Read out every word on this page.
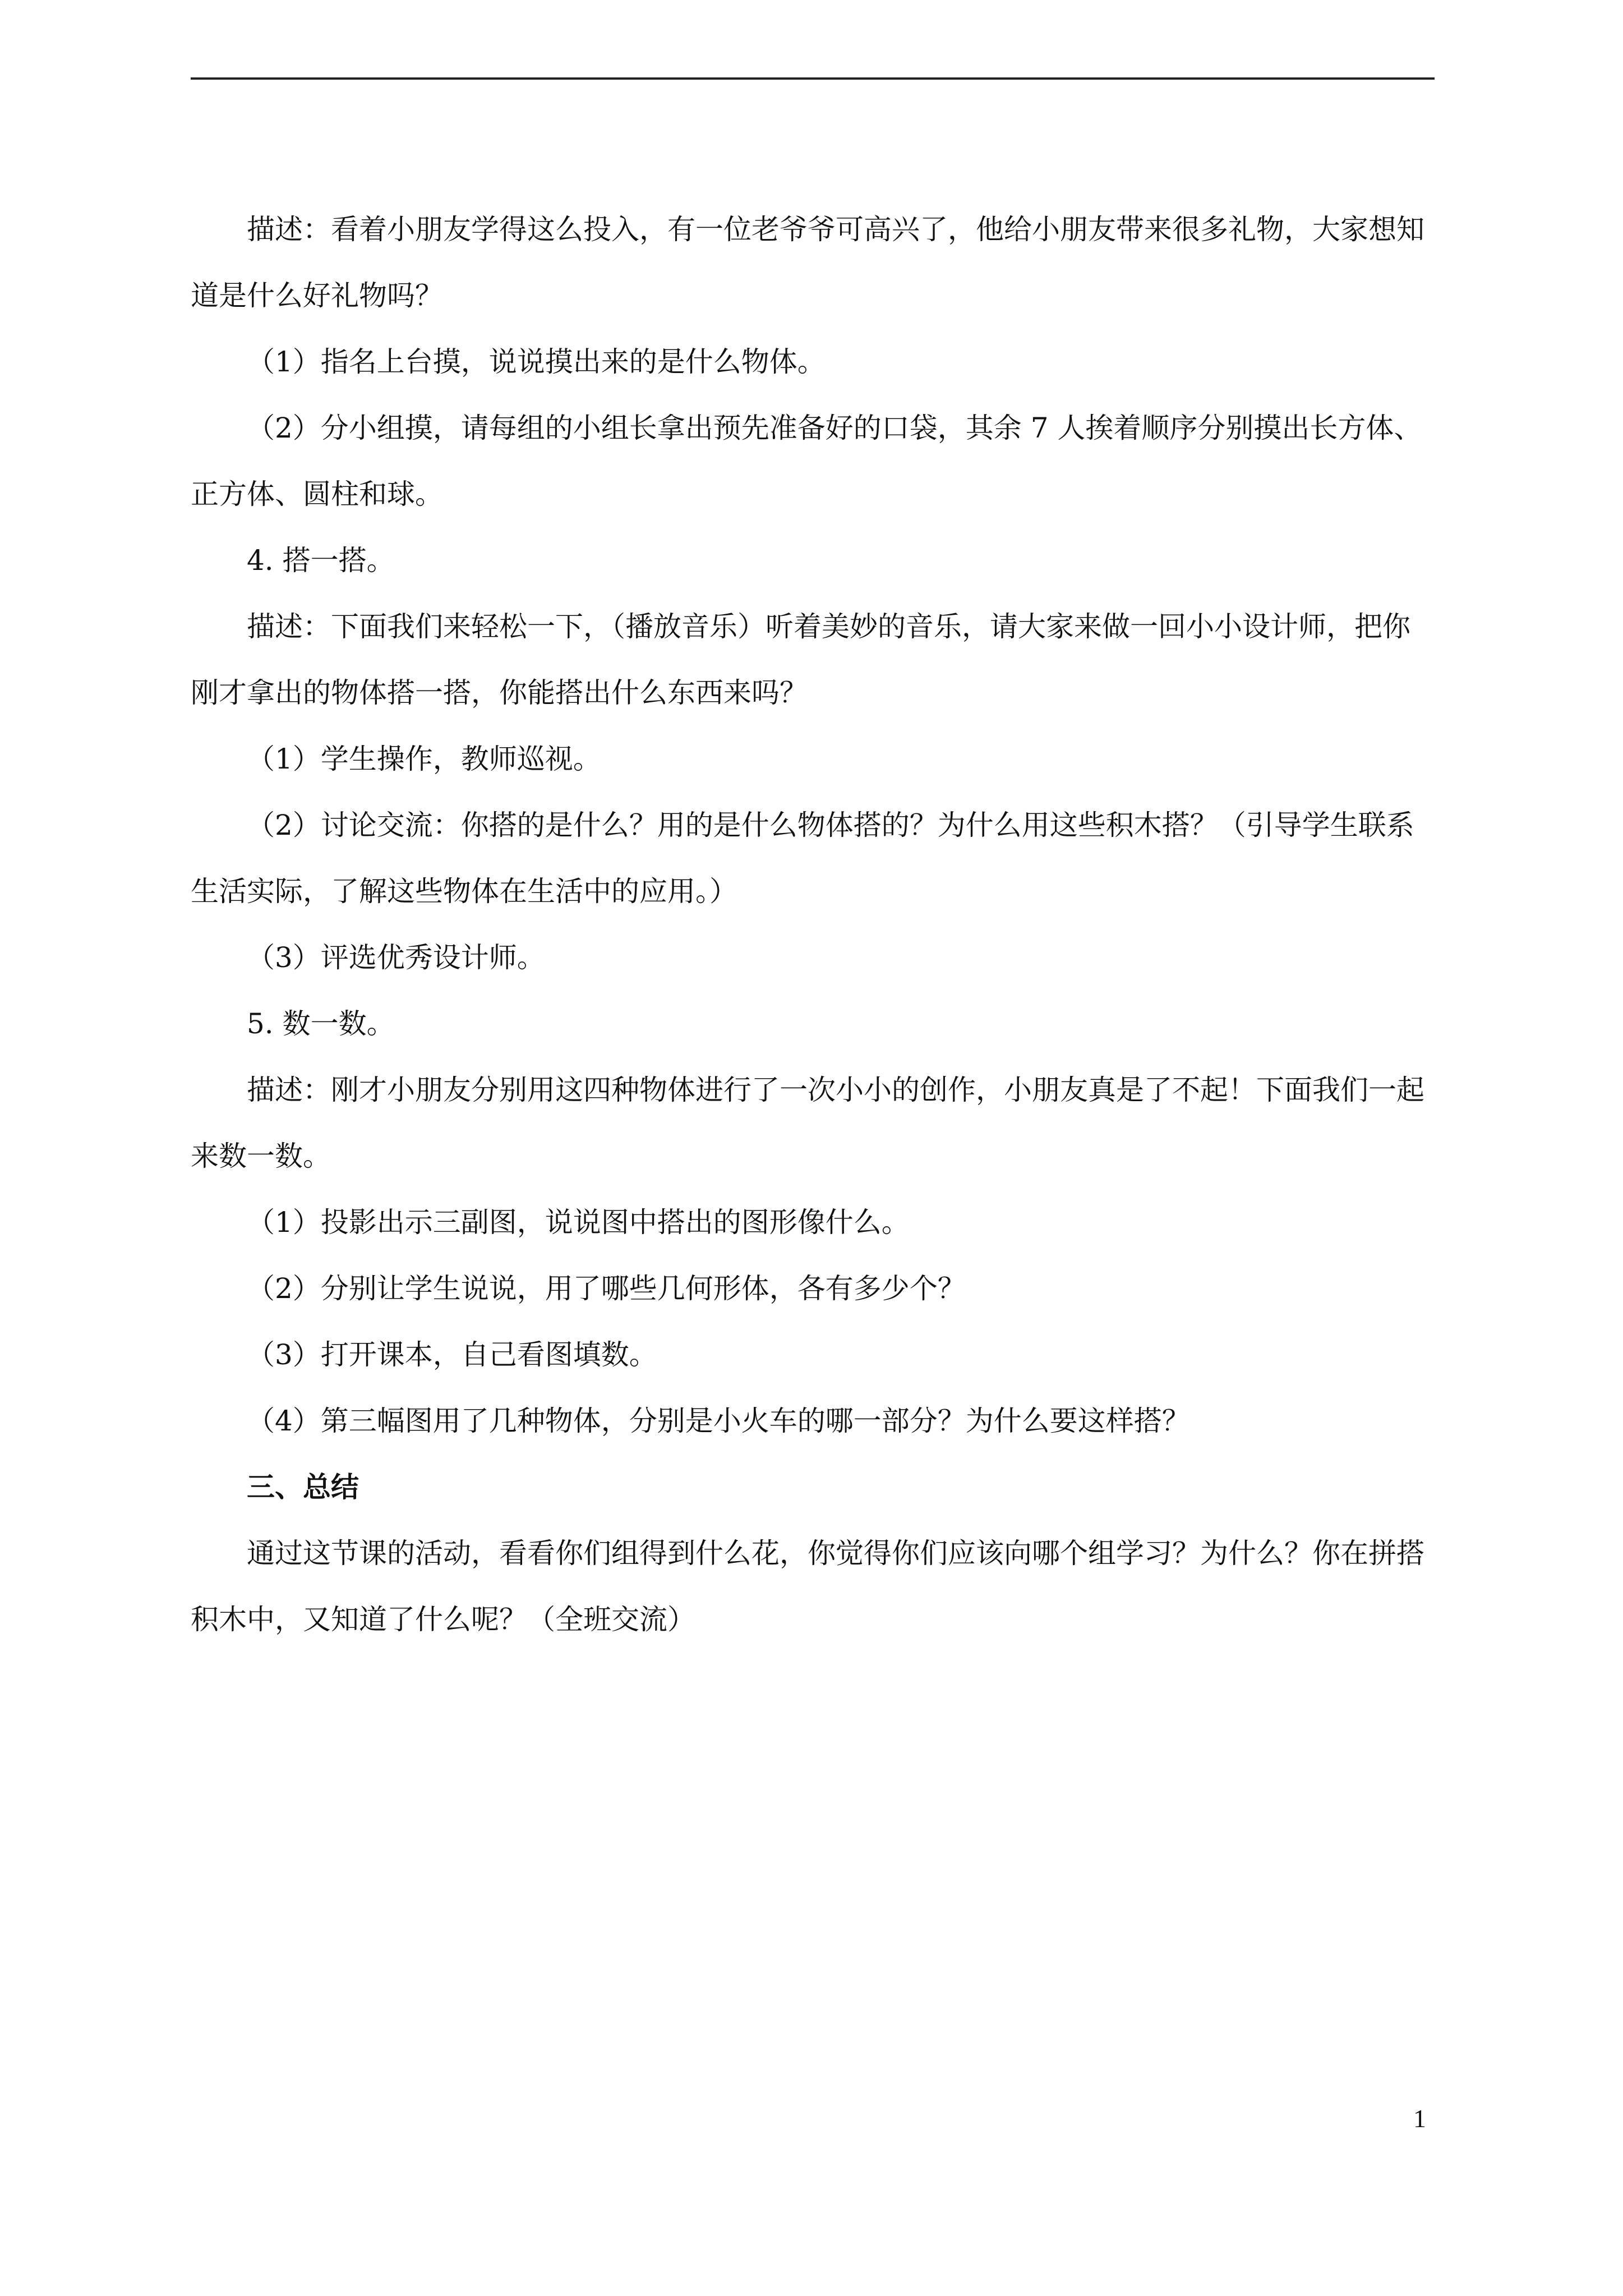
描述：看着小朋友学得这么投入，有一位老爷爷可高兴了，他给小朋友带来很多礼物，大家想知道是什么好礼物吗？

（1）指名上台摸，说说摸出来的是什么物体。

（2）分小组摸，请每组的小组长拿出预先准备好的口袋，其余 7 人挨着顺序分别摸出长方体、正方体、圆柱和球。

4. 搭一搭。

描述：下面我们来轻松一下，（播放音乐）听着美妙的音乐，请大家来做一回小小设计师，把你刚才拿出的物体搭一搭，你能搭出什么东西来吗？

（1）学生操作，教师巡视。

（2）讨论交流：你搭的是什么？用的是什么物体搭的？为什么用这些积木搭？（引导学生联系生活实际，了解这些物体在生活中的应用。）

（3）评选优秀设计师。

5. 数一数。

描述：刚才小朋友分别用这四种物体进行了一次小小的创作，小朋友真是了不起！下面我们一起来数一数。

（1）投影出示三副图，说说图中搭出的图形像什么。

（2）分别让学生说说，用了哪些几何形体，各有多少个？

（3）打开课本，自己看图填数。

（4）第三幅图用了几种物体，分别是小火车的哪一部分？为什么要这样搭？

三、总结

通过这节课的活动，看看你们组得到什么花，你觉得你们应该向哪个组学习？为什么？你在拼搭积木中，又知道了什么呢？（全班交流）

1
